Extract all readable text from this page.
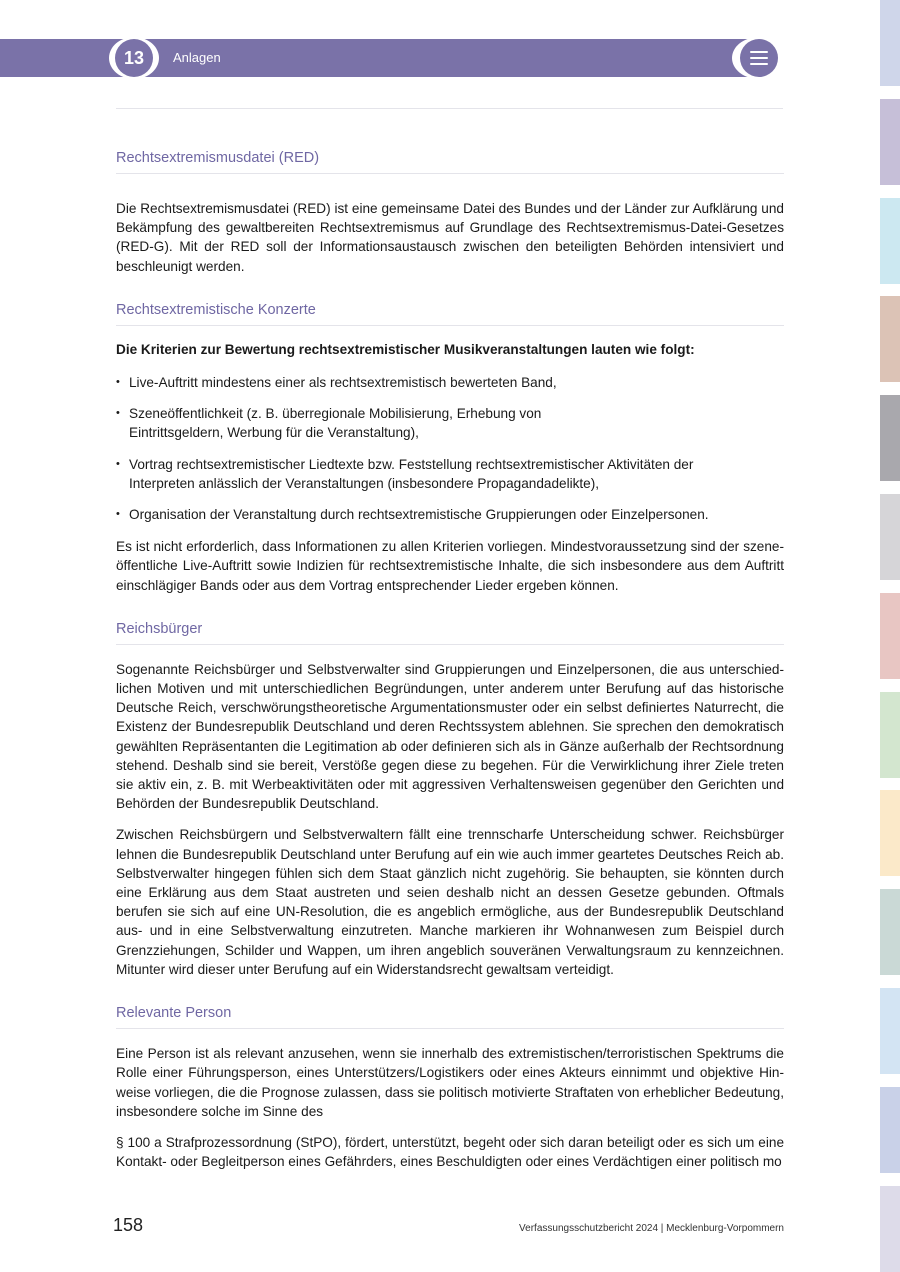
13	Anlagen
Rechtsextremismusdatei (RED)

Die Rechtsextremismusdatei (RED) ist eine gemeinsame Datei des Bundes und der Länder zur Aufklärung und Bekämpfung des gewaltbereiten Rechtsextremismus auf Grundlage des Rechtsextremismus-Datei-Gesetzes (RED-G). Mit der RED soll der Informationsaustausch zwischen den beteiligten Behörden intensiviert und beschleunigt werden.

Rechtsextremistische Konzerte

Die Kriterien zur Bewertung rechtsextremistischer Musikveranstaltungen lauten wie folgt:

• Live-Auftritt mindestens einer als rechtsextremistisch bewerteten Band,
• Szeneöffentlichkeit (z. B. überregionale Mobilisierung, Erhebung von Eintrittsgeldern, Werbung für die Veranstaltung),
• Vortrag rechtsextremistischer Liedtexte bzw. Feststellung rechtsextremistischer Aktivitäten der Interpreten anlässlich der Veranstaltungen (insbesondere Propagandadelikte),
• Organisation der Veranstaltung durch rechtsextremistische Gruppierungen oder Einzelpersonen.

Es ist nicht erforderlich, dass Informationen zu allen Kriterien vorliegen. Mindestvoraussetzung sind der szeneöffentliche Live-Auftritt sowie Indizien für rechtsextremistische Inhalte, die sich insbesondere aus dem Auftritt einschlägiger Bands oder aus dem Vortrag entsprechender Lieder ergeben können.

Reichsbürger

Sogenannte Reichsbürger und Selbstverwalter sind Gruppierungen und Einzelpersonen, die aus unterschiedlichen Motiven und mit unterschiedlichen Begründungen, unter anderem unter Berufung auf das historische Deutsche Reich, verschwörungstheoretische Argumentationsmuster oder ein selbst definiertes Naturrecht, die Existenz der Bundesrepublik Deutschland und deren Rechtssystem ablehnen. Sie sprechen den demokratisch gewählten Repräsentanten die Legitimation ab oder definieren sich als in Gänze außerhalb der Rechtsordnung stehend. Deshalb sind sie bereit, Verstöße gegen diese zu begehen. Für die Verwirklichung ihrer Ziele treten sie aktiv ein, z. B. mit Werbeaktivitäten oder mit aggressiven Verhaltensweisen gegenüber den Gerichten und Behörden der Bundesrepublik Deutschland.

Zwischen Reichsbürgern und Selbstverwaltern fällt eine trennscharfe Unterscheidung schwer. Reichsbürger lehnen die Bundesrepublik Deutschland unter Berufung auf ein wie auch immer geartetes Deutsches Reich ab. Selbstverwalter hingegen fühlen sich dem Staat gänzlich nicht zugehörig. Sie behaupten, sie könnten durch eine Erklärung aus dem Staat austreten und seien deshalb nicht an dessen Gesetze gebunden. Oftmals berufen sie sich auf eine UN-Resolution, die es angeblich ermögliche, aus der Bundesrepublik Deutschland aus- und in eine Selbstverwaltung einzutreten. Manche markieren ihr Wohnanwesen zum Beispiel durch Grenzziehungen, Schilder und Wappen, um ihren angeblich souveränen Verwaltungsraum zu kennzeichnen. Mitunter wird dieser unter Berufung auf ein Widerstandsrecht gewaltsam verteidigt.

Relevante Person

Eine Person ist als relevant anzusehen, wenn sie innerhalb des extremistischen/terroristischen Spektrums die Rolle einer Führungsperson, eines Unterstützers/Logistikers oder eines Akteurs einnimmt und objektive Hinweise vorliegen, die die Prognose zulassen, dass sie politisch motivierte Straftaten von erheblicher Bedeutung, insbesondere solche im Sinne des

§ 100 a Strafprozessordnung (StPO), fördert, unterstützt, begeht oder sich daran beteiligt oder es sich um eine Kontakt- oder Begleitperson eines Gefährders, eines Beschuldigten oder eines Verdächtigen einer politisch mo

158	Verfassungsschutzbericht 2024 | Mecklenburg-Vorpommern
